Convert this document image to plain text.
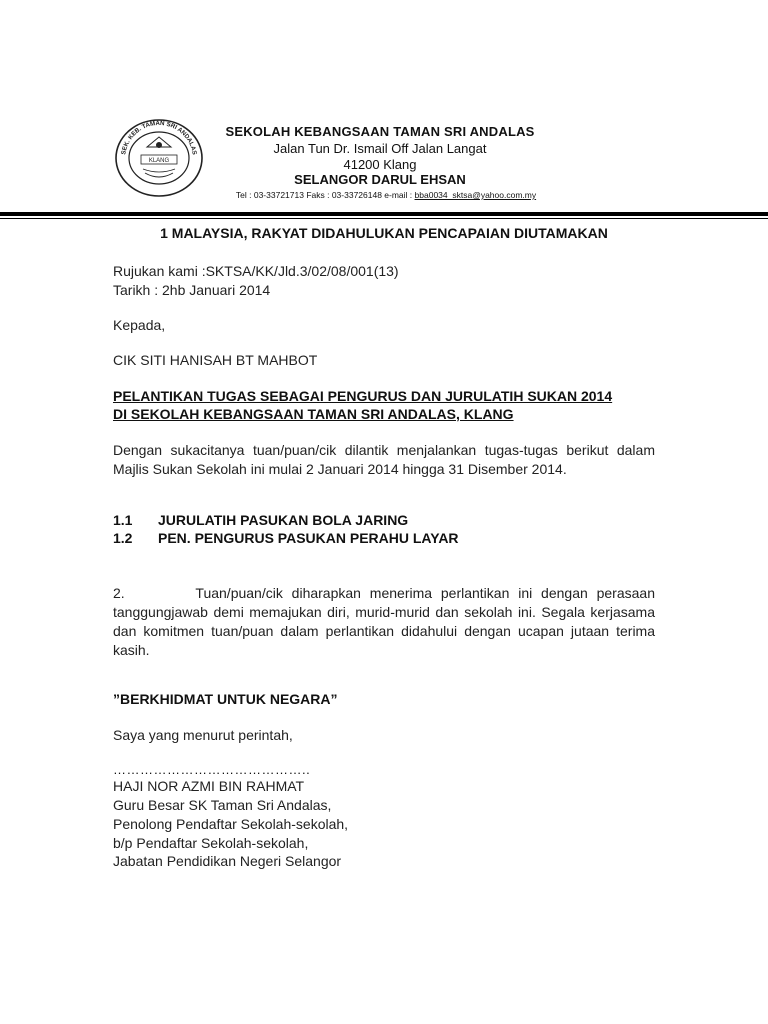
SEK. KEB. TAMAN SRI ANDALAS
KLANG
SEKOLAH KEBANGSAAN TAMAN SRI ANDALAS
Jalan Tun Dr. Ismail Off Jalan Langat
41200 Klang
SELANGOR DARUL EHSAN
Tel : 03-33721713 Faks : 03-33726148 e-mail : bba0034_sktsa@yahoo.com.my
1 MALAYSIA, RAKYAT DIDAHULUKAN PENCAPAIAN DIUTAMAKAN
Rujukan kami :SKTSA/KK/Jld.3/02/08/001(13)
Tarikh : 2hb Januari 2014
Kepada,
CIK SITI HANISAH BT MAHBOT
PELANTIKAN TUGAS SEBAGAI PENGURUS DAN JURULATIH SUKAN 2014
DI SEKOLAH KEBANGSAAN TAMAN SRI ANDALAS, KLANG
Dengan sukacitanya tuan/puan/cik dilantik menjalankan tugas-tugas berikut dalam Majlis Sukan Sekolah ini mulai 2 Januari 2014 hingga 31 Disember 2014.
1.1 JURULATIH PASUKAN BOLA JARING
1.2 PEN. PENGURUS PASUKAN PERAHU LAYAR
2.        Tuan/puan/cik diharapkan menerima perlantikan ini dengan perasaan tanggungjawab demi memajukan diri, murid-murid dan sekolah ini. Segala kerjasama dan komitmen tuan/puan dalam perlantikan didahului dengan ucapan jutaan terima kasih.
”BERKHIDMAT UNTUK NEGARA”
Saya yang menurut perintah,
……………………………………..
HAJI NOR AZMI BIN RAHMAT
Guru Besar SK Taman Sri Andalas,
Penolong Pendaftar Sekolah-sekolah,
b/p Pendaftar Sekolah-sekolah,
Jabatan Pendidikan Negeri Selangor
